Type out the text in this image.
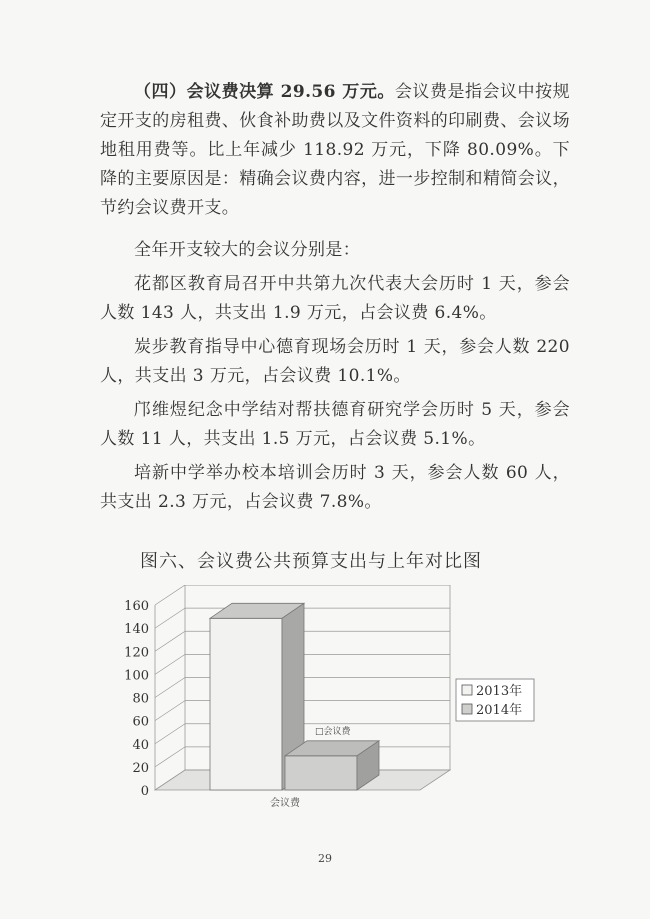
（四）会议费决算 29.56 万元。会议费是指会议中按规定开支的房租费、伙食补助费以及文件资料的印刷费、会议场地租用费等。比上年减少 118.92 万元，下降 80.09%。下降的主要原因是：精确会议费内容，进一步控制和精简会议，节约会议费开支。

全年开支较大的会议分别是：

花都区教育局召开中共第九次代表大会历时 1 天，参会人数 143 人，共支出 1.9 万元，占会议费 6.4%。

炭步教育指导中心德育现场会历时 1 天，参会人数 220 人，共支出 3 万元，占会议费 10.1%。

邝维煜纪念中学结对帮扶德育研究学会历时 5 天，参会人数 11 人，共支出 1.5 万元，占会议费 5.1%。

培新中学举办校本培训会历时 3 天，参会人数 60 人，共支出 2.3 万元，占会议费 7.8%。

图六、会议费公共预算支出与上年对比图
0
20
40
60
80
100
120
140
160
□会议费
会议费
2013年
2014年
29
